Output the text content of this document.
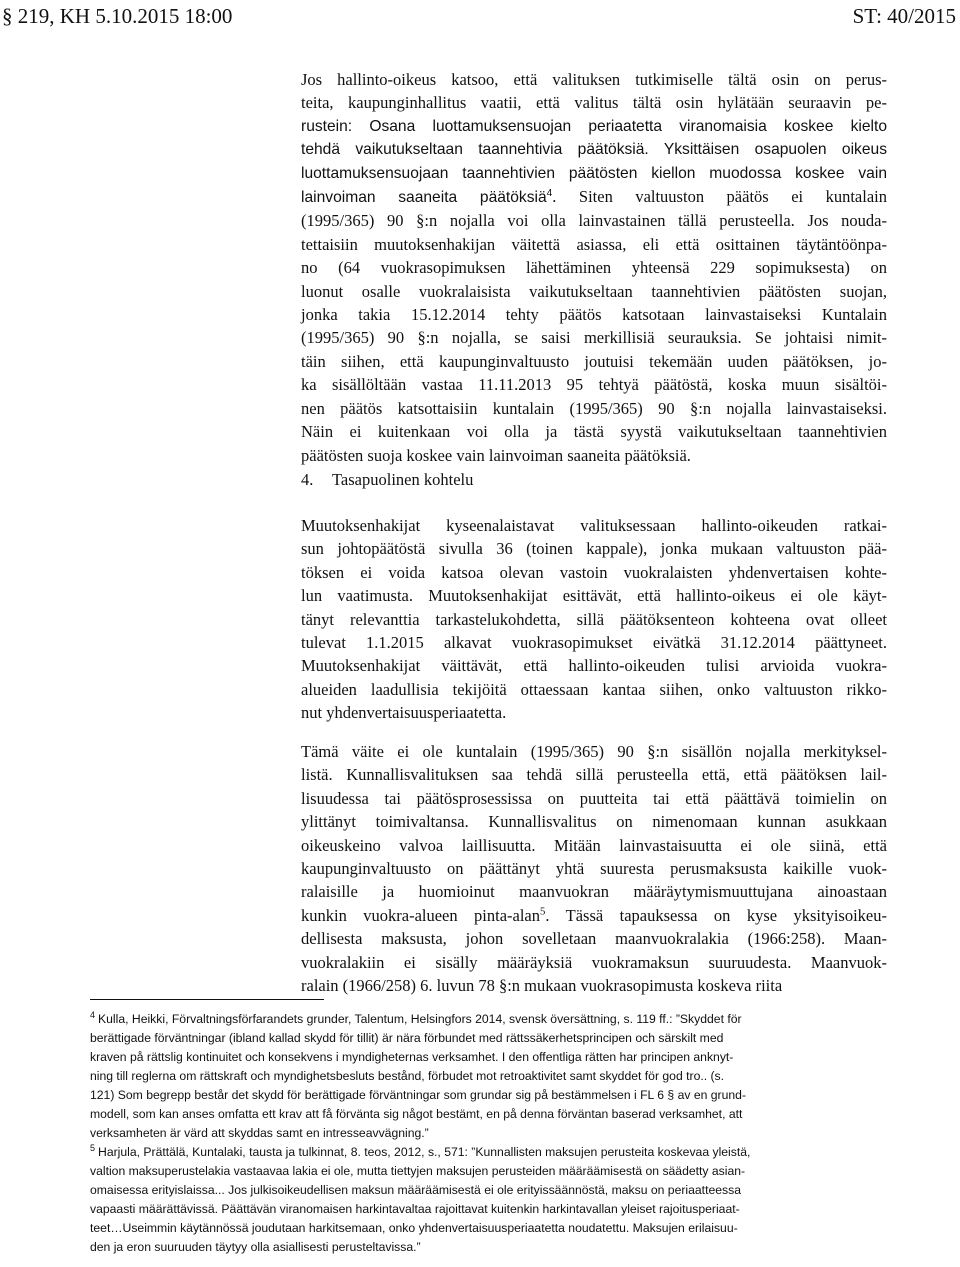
§ 219, KH 5.10.2015 18:00	ST: 40/2015
Jos hallinto-oikeus katsoo, että valituksen tutkimiselle tältä osin on perus-
teita, kaupunginhallitus vaatii, että valitus tältä osin hylätään seuraavin pe-
rustein: Osana luottamuksensuojan periaatetta viranomaisia koskee kielto
tehdä vaikutukseltaan taannehtivia päätöksiä. Yksittäisen osapuolen oikeus
luottamuksensuojaan taannehtivien päätösten kiellon muodossa koskee vain
lainvoiman saaneita päätöksiä$^4$. Siten valtuuston päätös ei kuntalain
(1995/365) 90 §:n nojalla voi olla lainvastainen tällä perusteella. Jos nouda-
tettaisiin muutoksenhakijan väitettä asiassa, eli että osittainen täytäntöönpa-
no (64 vuokrasopimuksen lähettäminen yhteensä 229 sopimuksesta) on
luonut osalle vuokralaisista vaikutukseltaan taannehtivien päätösten suojan,
jonka takia 15.12.2014 tehty päätös katsotaan lainvastaiseksi Kuntalain
(1995/365) 90 §:n nojalla, se saisi merkillisiä seurauksia. Se johtaisi nimit-
täin siihen, että kaupunginvaltuusto joutuisi tekemään uuden päätöksen, jo-
ka sisällöltään vastaa 11.11.2013 95 tehtyä päätöstä, koska muun sisältöi-
nen päätös katsottaisiin kuntalain (1995/365) 90 §:n nojalla lainvastaiseksi.
Näin ei kuitenkaan voi olla ja tästä syystä vaikutukseltaan taannehtivien
päätösten suoja koskee vain lainvoiman saaneita päätöksiä.
4. Tasapuolinen kohtelu
Muutoksenhakijat kyseenalaistavat valituksessaan hallinto-oikeuden ratkai-
sun johtopäätöstä sivulla 36 (toinen kappale), jonka mukaan valtuuston pää-
töksen ei voida katsoa olevan vastoin vuokralaisten yhdenvertaisen kohte-
lun vaatimusta. Muutoksenhakijat esittävät, että hallinto-oikeus ei ole käyt-
tänyt relevanttia tarkastelukohdetta, sillä päätöksenteon kohteena ovat olleet
tulevat 1.1.2015 alkavat vuokrasopimukset eivätkä 31.12.2014 päättyneet.
Muutoksenhakijat väittävät, että hallinto-oikeuden tulisi arvioida vuokra-
alueiden laadullisia tekijöitä ottaessaan kantaa siihen, onko valtuuston rikko-
nut yhdenvertaisuusperiaatetta.
Tämä väite ei ole kuntalain (1995/365) 90 §:n sisällön nojalla merkityksel-
listä. Kunnallisvalituksen saa tehdä sillä perusteella että, että päätöksen lail-
lisuudessa tai päätösprosessissa on puutteita tai että päättävä toimielin on
ylittänyt toimivaltansa. Kunnallisvalitus on nimenomaan kunnan asukkaan
oikeuskeino valvoa laillisuutta. Mitään lainvastaisuutta ei ole siinä, että
kaupunginvaltuusto on päättänyt yhtä suuresta perusmaksusta kaikille vuok-
ralaisille ja huomioinut maanvuokran määräytymismuuttujana ainoastaan
kunkin vuokra-alueen pinta-alan$^5$. Tässä tapauksessa on kyse yksityisoikeu-
dellisesta maksusta, johon sovelletaan maanvuokralakia (1966:258). Maan-
vuokralakiin ei sisälly määräyksiä vuokramaksun suuruudesta. Maanvuok-
ralain (1966/258) 6. luvun 78 §:n mukaan vuokrasopimusta koskeva riita
$^4$ Kulla, Heikki, Förvaltningsförfarandets grunder, Talentum, Helsingfors 2014, svensk översättning, s. 119 ff.: ”Skyddet för
berättigade förväntningar (ibland kallad skydd för tillit) är nära förbundet med rättssäkerhetsprincipen och särskilt med
kraven på rättslig kontinuitet och konsekvens i myndigheternas verksamhet. I den offentliga rätten har principen anknyt-
ning till reglerna om rättskraft och myndighetsbesluts bestånd, förbudet mot retroaktivitet samt skyddet för god tro.. (s.
121) Som begrepp består det skydd för berättigade förväntningar som grundar sig på bestämmelsen i FL 6 § av en grund-
modell, som kan anses omfatta ett krav att få förvänta sig något bestämt, en på denna förväntan baserad verksamhet, att
verksamheten är värd att skyddas samt en intresseavvägning.”
$^5$ Harjula, Prättälä, Kuntalaki, tausta ja tulkinnat, 8. teos, 2012, s., 571: ”Kunnallisten maksujen perusteita koskevaa yleistä,
valtion maksuperustelakia vastaavaa lakia ei ole, mutta tiettyjen maksujen perusteiden määräämisestä on säädetty asian-
omaisessa erityislaissa... Jos julkisoikeudellisen maksun määräämisestä ei ole erityissäännöstä, maksu on periaatteessa
vapaasti määrättävissä. Päättävän viranomaisen harkintavaltaa rajoittavat kuitenkin harkintavallan yleiset rajoitusperiaat-
teet…Useimmin käytännössä joudutaan harkitsemaan, onko yhdenvertaisuusperiaatetta noudatettu. Maksujen erilaisuu-
den ja eron suuruuden täytyy olla asiallisesti perusteltavissa.”
